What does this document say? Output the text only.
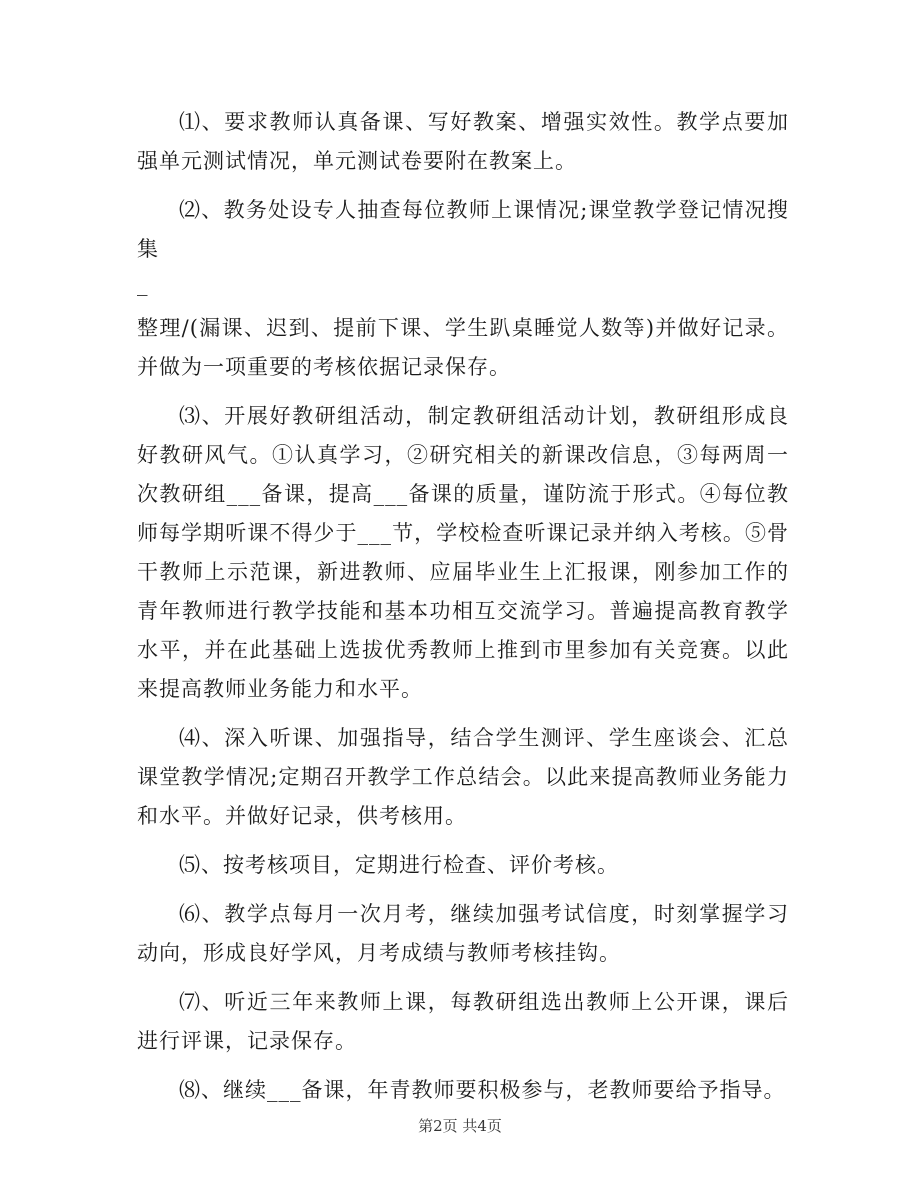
⑴、要求教师认真备课、写好教案、增强实效性。教学点要加强单元测试情况，单元测试卷要附在教案上。

⑵、教务处设专人抽查每位教师上课情况;课堂教学登记情况搜集

_

整理/(漏课、迟到、提前下课、学生趴桌睡觉人数等)并做好记录。并做为一项重要的考核依据记录保存。

⑶、开展好教研组活动，制定教研组活动计划，教研组形成良好教研风气。①认真学习，②研究相关的新课改信息，③每两周一次教研组___备课，提高___备课的质量，谨防流于形式。④每位教师每学期听课不得少于___节，学校检查听课记录并纳入考核。⑤骨干教师上示范课，新进教师、应届毕业生上汇报课，刚参加工作的青年教师进行教学技能和基本功相互交流学习。普遍提高教育教学水平，并在此基础上选拔优秀教师上推到市里参加有关竞赛。以此来提高教师业务能力和水平。

⑷、深入听课、加强指导，结合学生测评、学生座谈会、汇总课堂教学情况;定期召开教学工作总结会。以此来提高教师业务能力和水平。并做好记录，供考核用。

⑸、按考核项目，定期进行检查、评价考核。

⑹、教学点每月一次月考，继续加强考试信度，时刻掌握学习动向，形成良好学风，月考成绩与教师考核挂钩。

⑺、听近三年来教师上课，每教研组选出教师上公开课，课后进行评课，记录保存。

⑻、继续___备课，年青教师要积极参与，老教师要给予指导。

第2页 共4页
